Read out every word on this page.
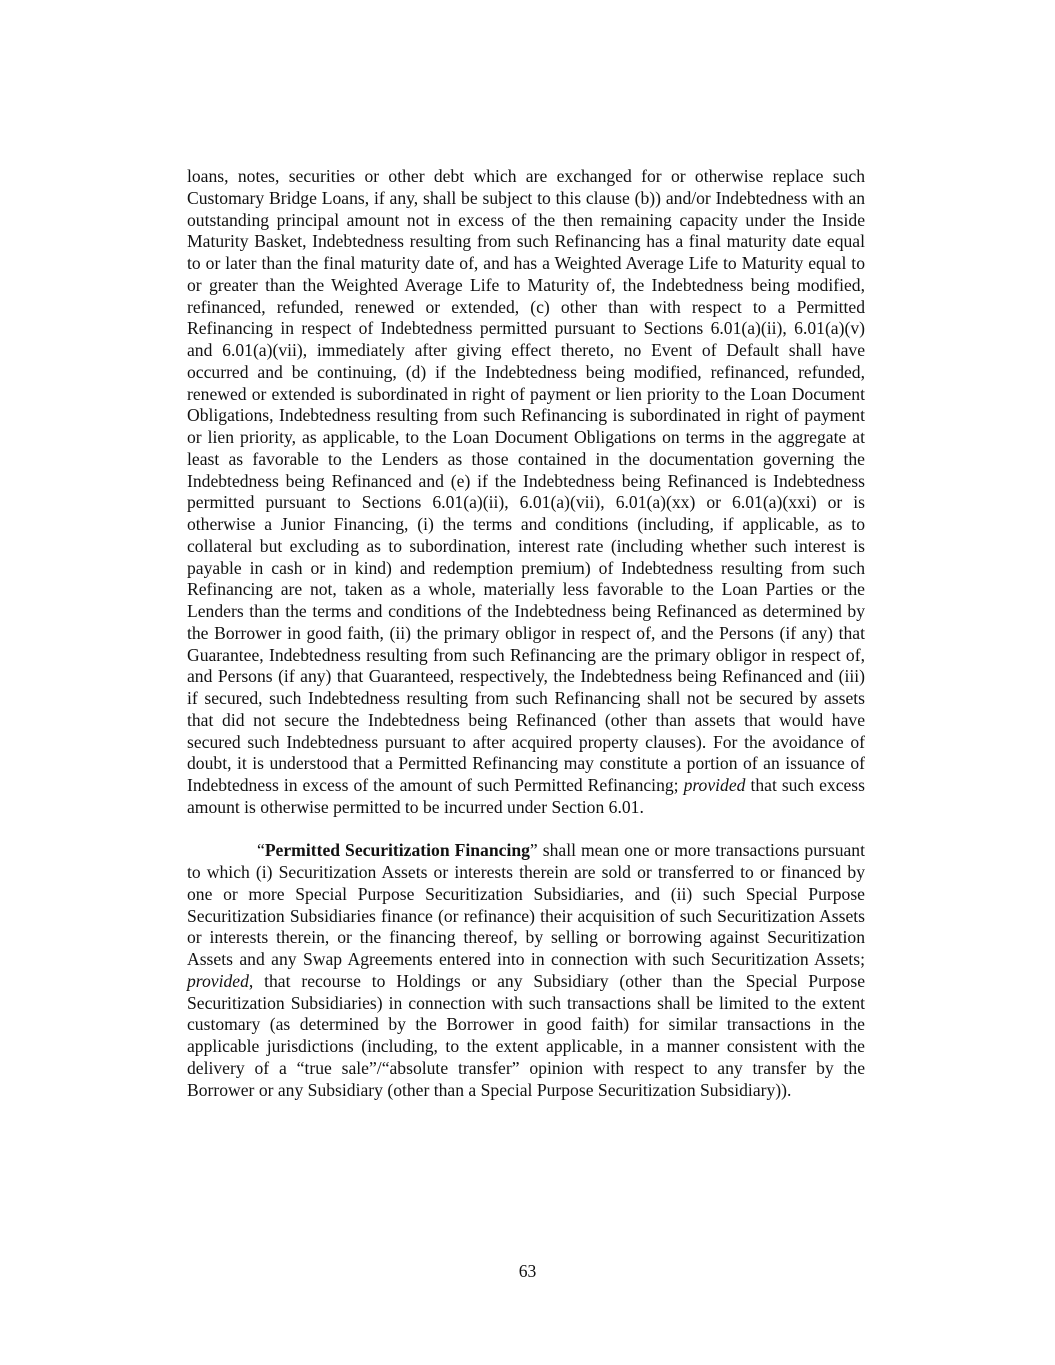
loans, notes, securities or other debt which are exchanged for or otherwise replace such Customary Bridge Loans, if any, shall be subject to this clause (b)) and/or Indebtedness with an outstanding principal amount not in excess of the then remaining capacity under the Inside Maturity Basket, Indebtedness resulting from such Refinancing has a final maturity date equal to or later than the final maturity date of, and has a Weighted Average Life to Maturity equal to or greater than the Weighted Average Life to Maturity of, the Indebtedness being modified, refinanced, refunded, renewed or extended, (c) other than with respect to a Permitted Refinancing in respect of Indebtedness permitted pursuant to Sections 6.01(a)(ii), 6.01(a)(v) and 6.01(a)(vii), immediately after giving effect thereto, no Event of Default shall have occurred and be continuing, (d) if the Indebtedness being modified, refinanced, refunded, renewed or extended is subordinated in right of payment or lien priority to the Loan Document Obligations, Indebtedness resulting from such Refinancing is subordinated in right of payment or lien priority, as applicable, to the Loan Document Obligations on terms in the aggregate at least as favorable to the Lenders as those contained in the documentation governing the Indebtedness being Refinanced and (e) if the Indebtedness being Refinanced is Indebtedness permitted pursuant to Sections 6.01(a)(ii), 6.01(a)(vii), 6.01(a)(xx) or 6.01(a)(xxi) or is otherwise a Junior Financing, (i) the terms and conditions (including, if applicable, as to collateral but excluding as to subordination, interest rate (including whether such interest is payable in cash or in kind) and redemption premium) of Indebtedness resulting from such Refinancing are not, taken as a whole, materially less favorable to the Loan Parties or the Lenders than the terms and conditions of the Indebtedness being Refinanced as determined by the Borrower in good faith, (ii) the primary obligor in respect of, and the Persons (if any) that Guarantee, Indebtedness resulting from such Refinancing are the primary obligor in respect of, and Persons (if any) that Guaranteed, respectively, the Indebtedness being Refinanced and (iii) if secured, such Indebtedness resulting from such Refinancing shall not be secured by assets that did not secure the Indebtedness being Refinanced (other than assets that would have secured such Indebtedness pursuant to after acquired property clauses). For the avoidance of doubt, it is understood that a Permitted Refinancing may constitute a portion of an issuance of Indebtedness in excess of the amount of such Permitted Refinancing; provided that such excess amount is otherwise permitted to be incurred under Section 6.01.

“Permitted Securitization Financing” shall mean one or more transactions pursuant to which (i) Securitization Assets or interests therein are sold or transferred to or financed by one or more Special Purpose Securitization Subsidiaries, and (ii) such Special Purpose Securitization Subsidiaries finance (or refinance) their acquisition of such Securitization Assets or interests therein, or the financing thereof, by selling or borrowing against Securitization Assets and any Swap Agreements entered into in connection with such Securitization Assets; provided, that recourse to Holdings or any Subsidiary (other than the Special Purpose Securitization Subsidiaries) in connection with such transactions shall be limited to the extent customary (as determined by the Borrower in good faith) for similar transactions in the applicable jurisdictions (including, to the extent applicable, in a manner consistent with the delivery of a “true sale”/“absolute transfer” opinion with respect to any transfer by the Borrower or any Subsidiary (other than a Special Purpose Securitization Subsidiary)).

63
